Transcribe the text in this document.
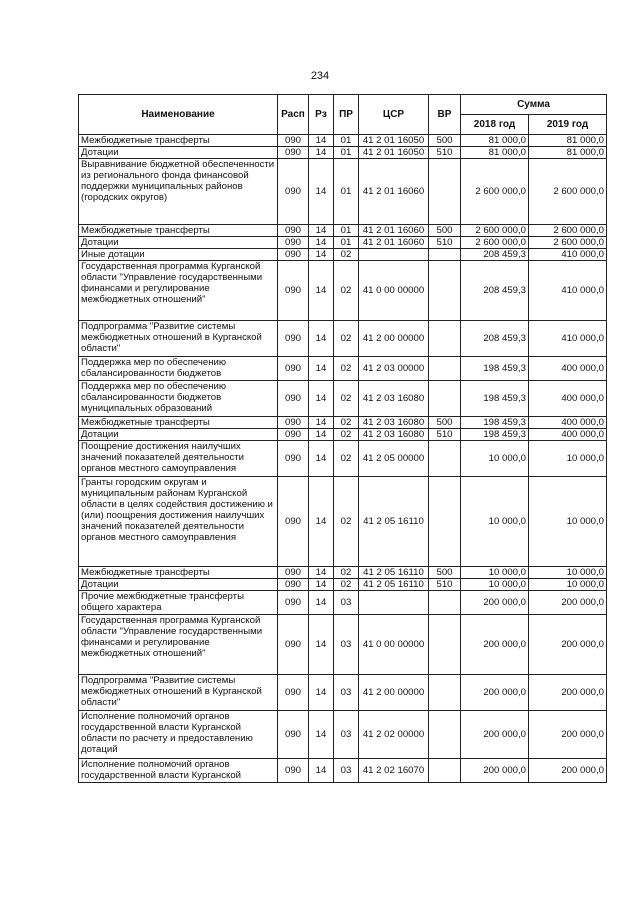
234
Наименование	Расп	Рз	ПР	ЦСР	ВР	Сумма	
						2018 год	2019 год

Межбюджетные трансферты	090	14	01	41 2 01 16050	500	81 000,0	81 000,0

Дотации	090	14	01	41 2 01 16050	510	81 000,0	81 000,0

Выравнивание бюджетной обеспеченности из регионального фонда финансовой поддержки муниципальных районов (городских округов)	090	14	01	41 2 01 16060		2 600 000,0	2 600 000,0

Межбюджетные трансферты	090	14	01	41 2 01 16060	500	2 600 000,0	2 600 000,0

Дотации	090	14	01	41 2 01 16060	510	2 600 000,0	2 600 000,0

Иные дотации	090	14	02			208 459,3	410 000,0

Государственная программа Курганской области "Управление государственными финансами и регулирование межбюджетных отношений"	090	14	02	41 0 00 00000		208 459,3	410 000,0

Подпрограмма "Развитие системы межбюджетных отношений в Курганской области"	090	14	02	41 2 00 00000		208 459,3	410 000,0

Поддержка мер по обеспечению сбалансированности бюджетов	090	14	02	41 2 03 00000		198 459,3	400 000,0

Поддержка мер по обеспечению сбалансированности бюджетов муниципальных образований	090	14	02	41 2 03 16080		198 459,3	400 000,0

Межбюджетные трансферты	090	14	02	41 2 03 16080	500	198 459,3	400 000,0

Дотации	090	14	02	41 2 03 16080	510	198 459,3	400 000,0

Поощрение достижения наилучших значений показателей деятельности органов местного самоуправления	090	14	02	41 2 05 00000		10 000,0	10 000,0

Гранты городским округам и муниципальным районам Курганской области в целях содействия достижению и (или) поощрения достижения наилучших значений показателей деятельности органов местного самоуправления	090	14	02	41 2 05 16110		10 000,0	10 000,0

Межбюджетные трансферты	090	14	02	41 2 05 16110	500	10 000,0	10 000,0

Дотации	090	14	02	41 2 05 16110	510	10 000,0	10 000,0

Прочие межбюджетные трансферты общего характера	090	14	03			200 000,0	200 000,0

Государственная программа Курганской области "Управление государственными финансами и регулирование межбюджетных отношений"	090	14	03	41 0 00 00000		200 000,0	200 000,0

Подпрограмма "Развитие системы межбюджетных отношений в Курганской области"	090	14	03	41 2 00 00000		200 000,0	200 000,0

Исполнение полномочий органов государственной власти Курганской области по расчету и предоставлению дотаций	090	14	03	41 2 02 00000		200 000,0	200 000,0

Исполнение полномочий органов государственной власти Курганской	090	14	03	41 2 02 16070		200 000,0	200 000,0
